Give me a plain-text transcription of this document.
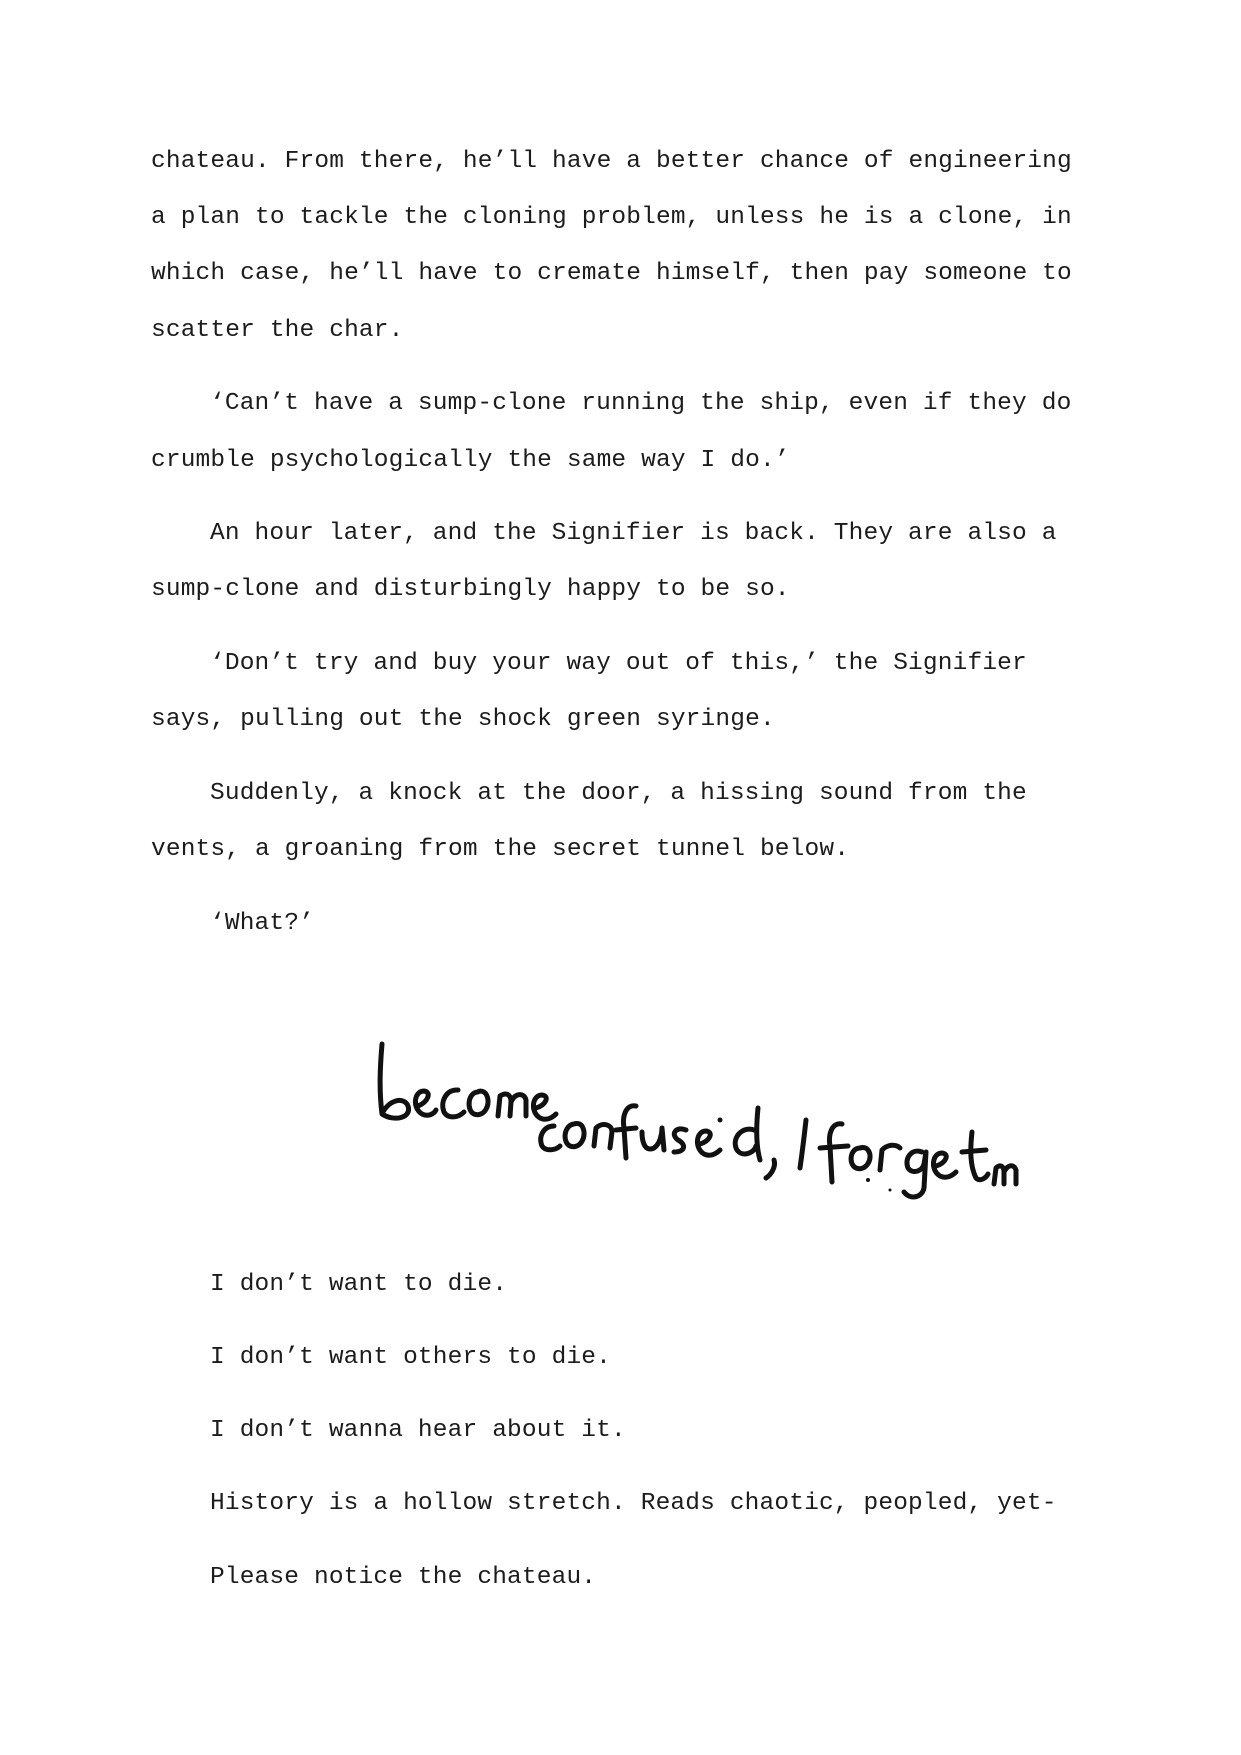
chateau. From there, he’ll have a better chance of engineering
a plan to tackle the cloning problem, unless he is a clone, in
which case, he’ll have to cremate himself, then pay someone to
scatter the char.
‘Can’t have a sump-clone running the ship, even if they do
crumble psychologically the same way I do.’
An hour later, and the Signifier is back. They are also a
sump-clone and disturbingly happy to be so.
‘Don’t try and buy your way out of this,’ the Signifier
says, pulling out the shock green syringe.
Suddenly, a knock at the door, a hissing sound from the
vents, a groaning from the secret tunnel below.
‘What?’
I don’t want to die.
I don’t want others to die.
I don’t wanna hear about it.
History is a hollow stretch. Reads chaotic, peopled, yet-
Please notice the chateau.
